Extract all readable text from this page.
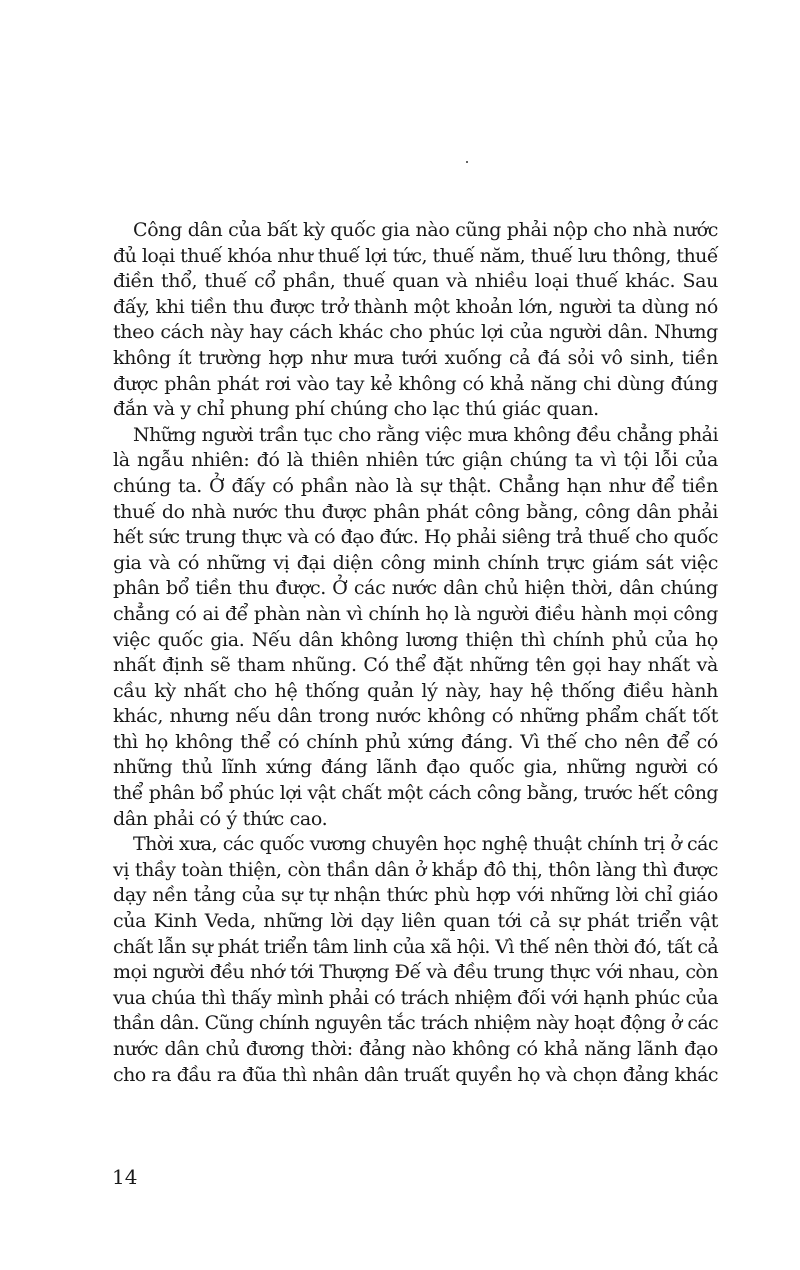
Công dân của bất kỳ quốc gia nào cũng phải nộp cho nhà nước
đủ loại thuế khóa như thuế lợi tức, thuế năm, thuế lưu thông, thuế
điền thổ, thuế cổ phần, thuế quan và nhiều loại thuế khác. Sau
đấy, khi tiền thu được trở thành một khoản lớn, người ta dùng nó
theo cách này hay cách khác cho phúc lợi của người dân. Nhưng
không ít trường hợp như mưa tưới xuống cả đá sỏi vô sinh, tiền
được phân phát rơi vào tay kẻ không có khả năng chi dùng đúng
đắn và y chỉ phung phí chúng cho lạc thú giác quan.
Những người trần tục cho rằng việc mưa không đều chẳng phải
là ngẫu nhiên: đó là thiên nhiên tức giận chúng ta vì tội lỗi của
chúng ta. Ở đấy có phần nào là sự thật. Chẳng hạn như để tiền
thuế do nhà nước thu được phân phát công bằng, công dân phải
hết sức trung thực và có đạo đức. Họ phải siêng trả thuế cho quốc
gia và có những vị đại diện công minh chính trực giám sát việc
phân bổ tiền thu được. Ở các nước dân chủ hiện thời, dân chúng
chẳng có ai để phàn nàn vì chính họ là người điều hành mọi công
việc quốc gia. Nếu dân không lương thiện thì chính phủ của họ
nhất định sẽ tham nhũng. Có thể đặt những tên gọi hay nhất và
cầu kỳ nhất cho hệ thống quản lý này, hay hệ thống điều hành
khác, nhưng nếu dân trong nước không có những phẩm chất tốt
thì họ không thể có chính phủ xứng đáng. Vì thế cho nên để có
những thủ lĩnh xứng đáng lãnh đạo quốc gia, những người có
thể phân bổ phúc lợi vật chất một cách công bằng, trước hết công
dân phải có ý thức cao.
Thời xưa, các quốc vương chuyên học nghệ thuật chính trị ở các
vị thầy toàn thiện, còn thần dân ở khắp đô thị, thôn làng thì được
dạy nền tảng của sự tự nhận thức phù hợp với những lời chỉ giáo
của Kinh Veda, những lời dạy liên quan tới cả sự phát triển vật
chất lẫn sự phát triển tâm linh của xã hội. Vì thế nên thời đó, tất cả
mọi người đều nhớ tới Thượng Đế và đều trung thực với nhau, còn
vua chúa thì thấy mình phải có trách nhiệm đối với hạnh phúc của
thần dân. Cũng chính nguyên tắc trách nhiệm này hoạt động ở các
nước dân chủ đương thời: đảng nào không có khả năng lãnh đạo
cho ra đầu ra đũa thì nhân dân truất quyền họ và chọn đảng khác
14
